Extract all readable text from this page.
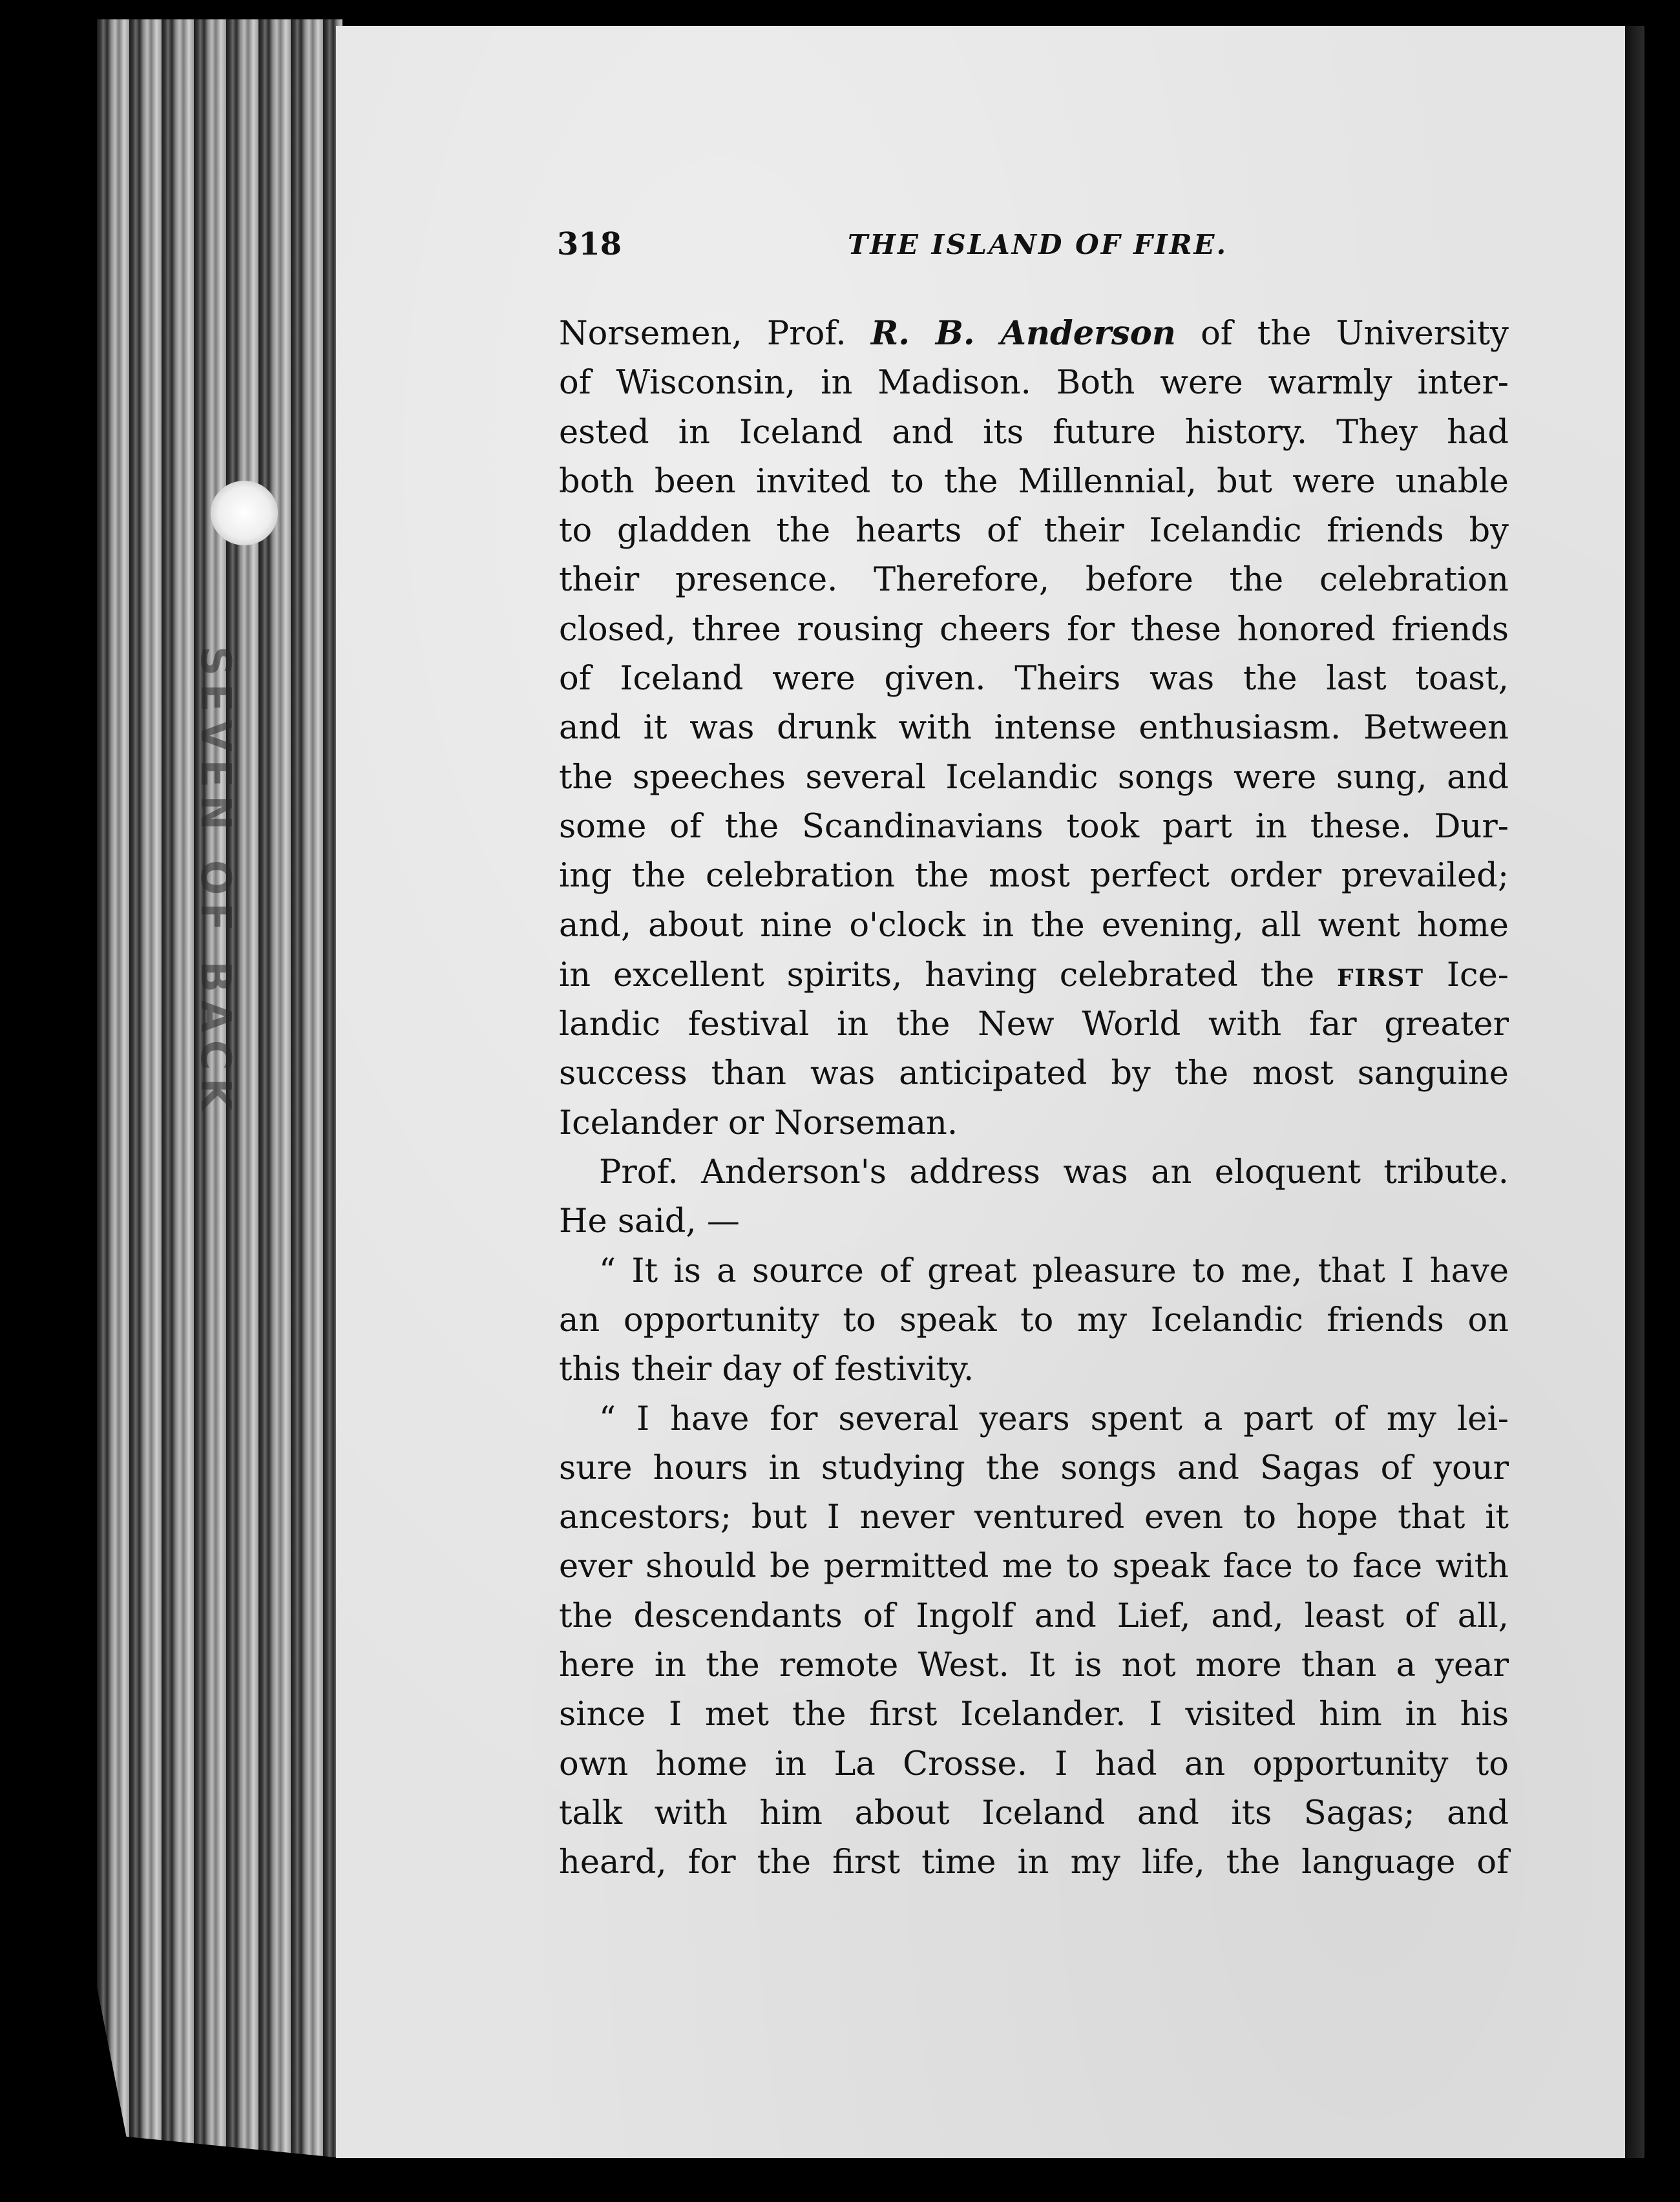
SEVEN OF BACK
318	THE ISLAND OF FIRE.
Norsemen, Prof. R. B. Anderson of the University
of Wisconsin, in Madison. Both were warmly inter-
ested in Iceland and its future history. They had
both been invited to the Millennial, but were unable
to gladden the hearts of their Icelandic friends by
their presence. Therefore, before the celebration
closed, three rousing cheers for these honored friends
of Iceland were given. Theirs was the last toast,
and it was drunk with intense enthusiasm. Between
the speeches several Icelandic songs were sung, and
some of the Scandinavians took part in these. Dur-
ing the celebration the most perfect order prevailed;
and, about nine o'clock in the evening, all went home
in excellent spirits, having celebrated the first Ice-
landic festival in the New World with far greater
success than was anticipated by the most sanguine
Icelander or Norseman.
Prof. Anderson's address was an eloquent tribute.
He said, —
“ It is a source of great pleasure to me, that I have
an opportunity to speak to my Icelandic friends on
this their day of festivity.
“ I have for several years spent a part of my lei-
sure hours in studying the songs and Sagas of your
ancestors; but I never ventured even to hope that it
ever should be permitted me to speak face to face with
the descendants of Ingolf and Lief, and, least of all,
here in the remote West. It is not more than a year
since I met the first Icelander. I visited him in his
own home in La Crosse. I had an opportunity to
talk with him about Iceland and its Sagas; and
heard, for the first time in my life, the language of
